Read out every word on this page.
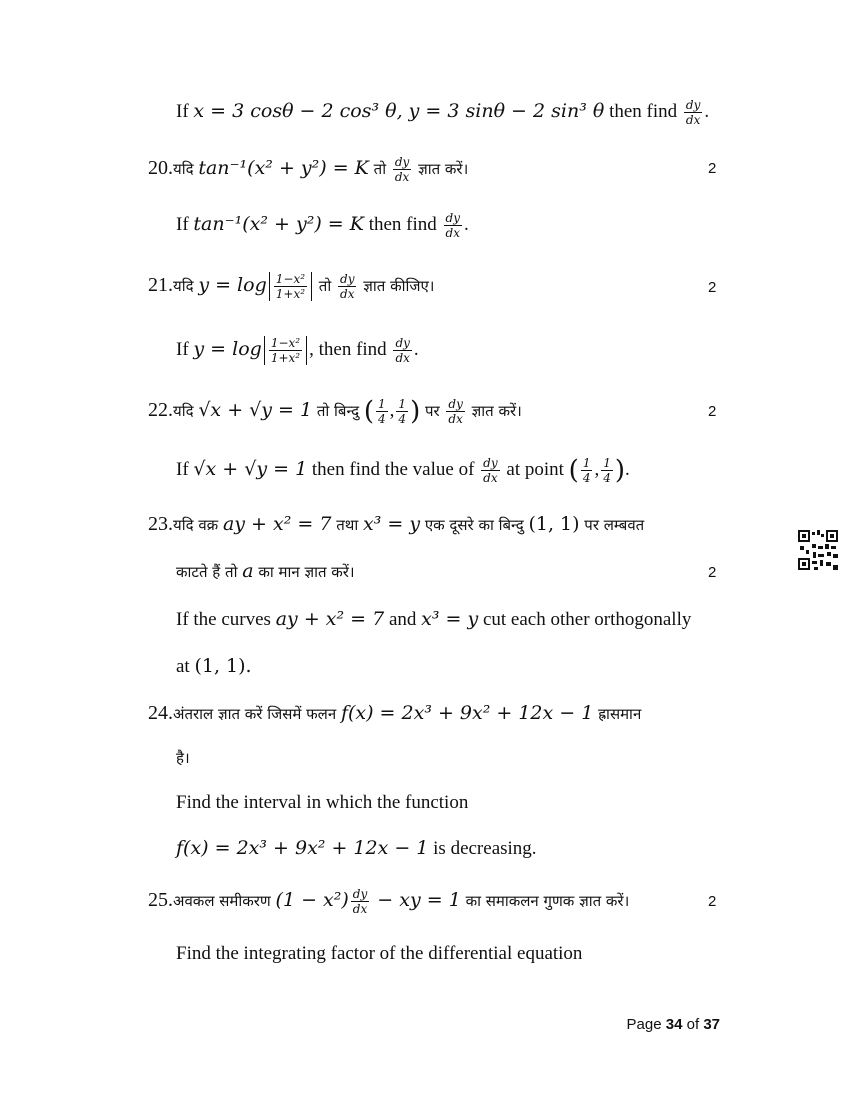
If x = 3 cosθ − 2 cos³ θ, y = 3 sinθ − 2 sin³ θ then find $\frac{dy}{dx}$ .
20.यदि tan⁻¹(x² + y²) = K तो $\frac{dy}{dx}$ ज्ञात करें।	2
If tan⁻¹(x² + y²) = K then find $\frac{dy}{dx}$ .
21.यदि $y = \log \frac{\text{1−x²}}{\text{1+x²}}$ तो $\frac{dy}{dx}$ ज्ञात कीजिए।	2
If $y = \log \frac{\text{1−x²}}{\text{1+x²}}$ , then find $\frac{dy}{dx}$ .
22.यदि √x + √y = 1 तो बिन्दु ( $\frac{1}{4}$ , $\frac{1}{4}$ ) पर $\frac{dy}{dx}$ ज्ञात करें।	2
If √x + √y = 1 then find the value of $\frac{dy}{dx}$ at point ( $\frac{1}{4}$ , $\frac{1}{4}$ ).
23.यदि वक्र ay + x² = 7 तथा x³ = y एक दूसरे का बिन्दु (1, 1) पर लम्बवत
काटते हैं तो a का मान ज्ञात करें।	2
If the curves ay + x² = 7 and x³ = y cut each other orthogonally
at (1, 1).
24.अंतराल ज्ञात करें जिसमें फलन f(x) = 2x³ + 9x² + 12x − 1 ह्रासमान
है।
Find the interval in which the function
f(x) = 2x³ + 9x² + 12x − 1 is decreasing.
25.अवकल समीकरण $(1 - x^2) \frac{dy}{dx}$ − xy = 1 का समाकलन गुणक ज्ञात करें।	2
Find the integrating factor of the differential equation
Page 34 of 37
